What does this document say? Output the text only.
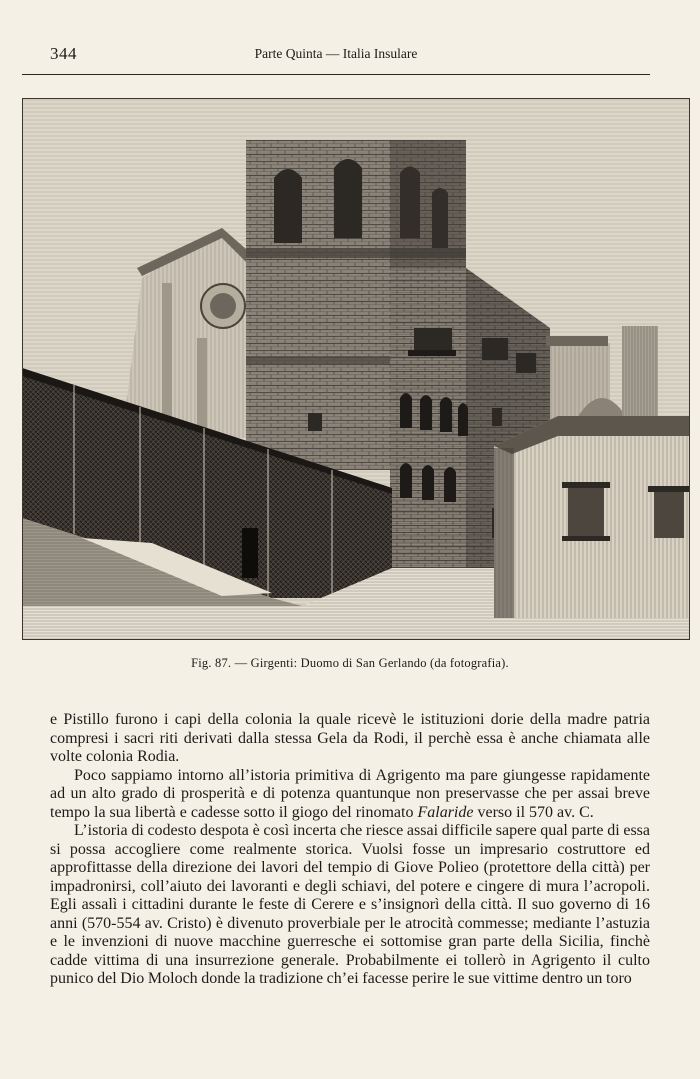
344	Parte Quinta — Italia Insulare
Fig. 87. — Girgenti: Duomo di San Gerlando (da fotografia).

e Pistillo furono i capi della colonia la quale ricevè le istituzioni dorie della madre patria compresi i sacri riti derivati dalla stessa Gela da Rodi, il perchè essa è anche chiamata alle volte colonia Rodia.

Poco sappiamo intorno all’istoria primitiva di Agrigento ma pare giungesse rapidamente ad un alto grado di prosperità e di potenza quantunque non preservasse che per assai breve tempo la sua libertà e cadesse sotto il giogo del rinomato Falaride verso il 570 av. C.

L’istoria di codesto despota è così incerta che riesce assai difficile sapere qual parte di essa si possa accogliere come realmente storica. Vuolsi fosse un impresario costruttore ed approfittasse della direzione dei lavori del tempio di Giove Polieo (protettore della città) per impadronirsi, coll’aiuto dei lavoranti e degli schiavi, del potere e cingere di mura l’acropoli. Egli assalì i cittadini durante le feste di Cerere e s’insignorì della città. Il suo governo di 16 anni (570-554 av. Cristo) è divenuto proverbiale per le atrocità commesse; mediante l’astuzia e le invenzioni di nuove macchine guerresche ei sottomise gran parte della Sicilia, finchè cadde vittima di una insurrezione generale. Probabilmente ei tollerò in Agrigento il culto punico del Dio Moloch donde la tradizione ch’ei facesse perire le sue vittime dentro un toro
